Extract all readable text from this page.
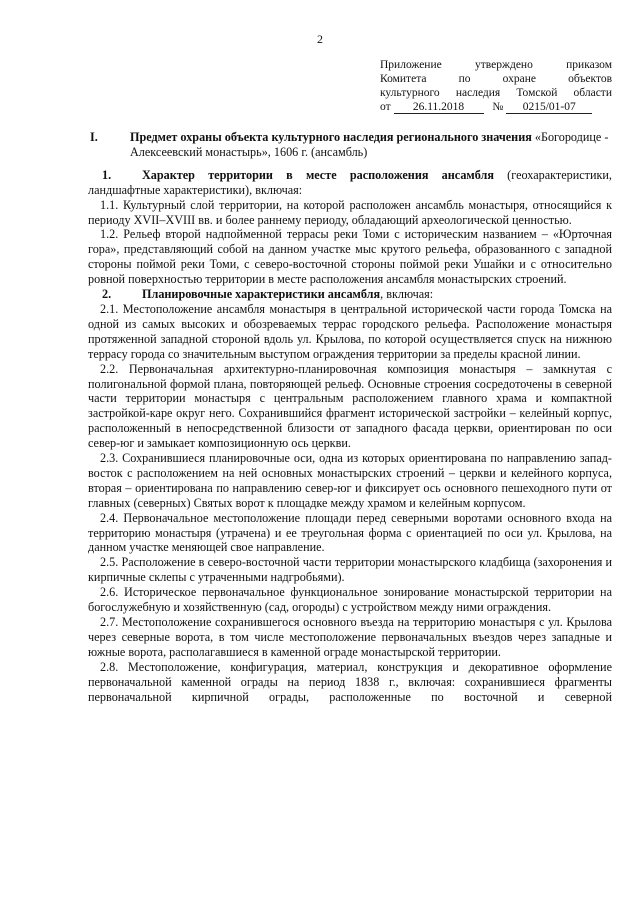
2
Приложение утверждено приказом
Комитета по охране объектов
культурного наследия Томской области
от 26.11.2018 № 0215/01-07
I.	Предмет охраны объекта культурного наследия регионального значения «Богородице - Алексеевский монастырь», 1606 г. (ансамбль)

1.	Характер территории в месте расположения ансамбля (геохарактеристики, ландшафтные характеристики), включая:

1.1. Культурный слой территории, на которой расположен ансамбль монастыря, относящийся к периоду XVII–XVIII вв. и более раннему периоду, обладающий археологической ценностью.

1.2. Рельеф второй надпойменной террасы реки Томи с историческим названием – «Юрточная гора», представляющий собой на данном участке мыс крутого рельефа, образованного с западной стороны поймой реки Томи, с северо-восточной стороны поймой реки Ушайки и с относительно ровной поверхностью территории в месте расположения ансамбля монастырских строений.

2.	Планировочные характеристики ансамбля, включая:

2.1. Местоположение ансамбля монастыря в центральной исторической части города Томска на одной из самых высоких и обозреваемых террас городского рельефа. Расположение монастыря протяженной западной стороной вдоль ул. Крылова, по которой осуществляется спуск на нижнюю террасу города со значительным выступом ограждения территории за пределы красной линии.

2.2. Первоначальная архитектурно-планировочная композиция монастыря – замкнутая с полигональной формой плана, повторяющей рельеф. Основные строения сосредоточены в северной части территории монастыря с центральным расположением главного храма и компактной застройкой-каре округ него. Сохранившийся фрагмент исторической застройки – келейный корпус, расположенный в непосредственной близости от западного фасада церкви, ориентирован по оси север-юг и замыкает композиционную ось церкви.

2.3. Сохранившиеся планировочные оси, одна из которых ориентирована по направлению запад-восток с расположением на ней основных монастырских строений – церкви и келейного корпуса, вторая – ориентирована по направлению север-юг и фиксирует ось основного пешеходного пути от главных (северных) Святых ворот к площадке между храмом и келейным корпусом.

2.4. Первоначальное местоположение площади перед северными воротами основного входа на территорию монастыря (утрачена) и ее треугольная форма с ориентацией по оси ул. Крылова, на данном участке меняющей свое направление.

2.5. Расположение в северо-восточной части территории монастырского кладбища (захоронения и кирпичные склепы с утраченными надгробьями).

2.6. Историческое первоначальное функциональное зонирование монастырской территории на богослужебную и хозяйственную (сад, огороды) с устройством между ними ограждения.

2.7. Местоположение сохранившегося основного въезда на территорию монастыря с ул. Крылова через северные ворота, в том числе местоположение первоначальных въездов через западные и южные ворота, располагавшиеся в каменной ограде монастырской территории.

2.8. Местоположение, конфигурация, материал, конструкция и декоративное оформление первоначальной каменной ограды на период 1838 г., включая: сохранившиеся фрагменты первоначальной кирпичной ограды, расположенные по восточной и северной
